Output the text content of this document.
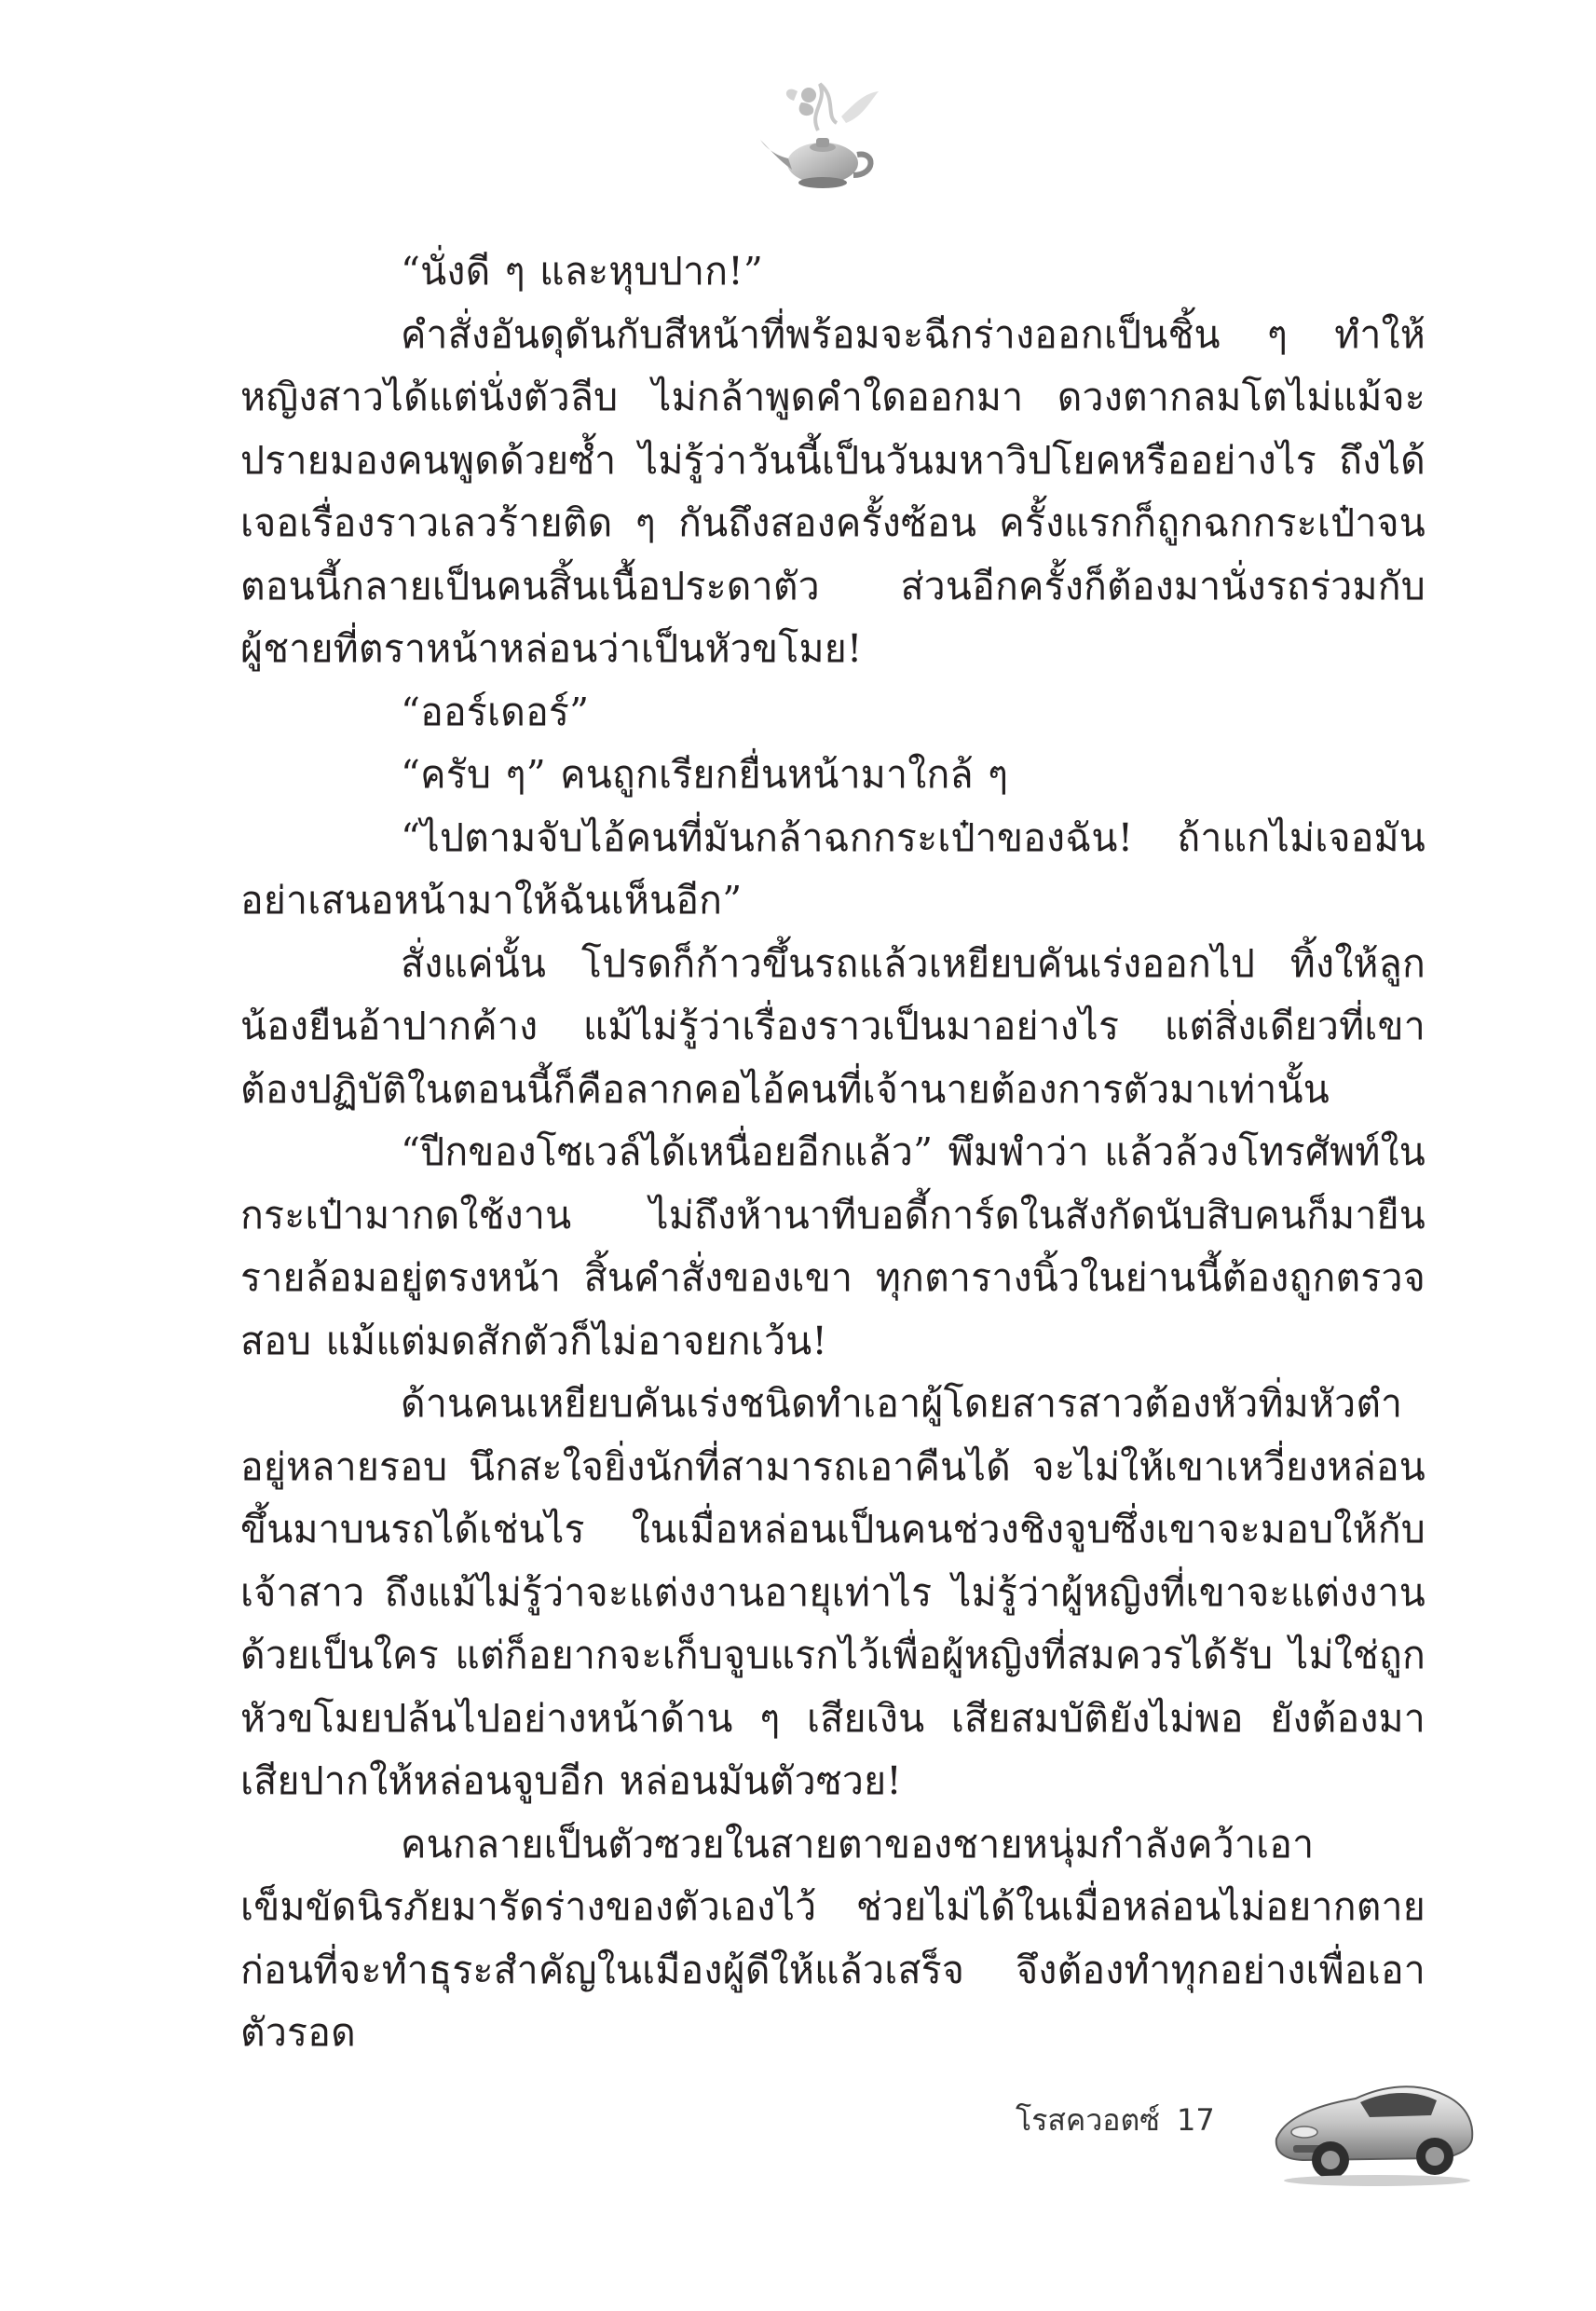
“นั่งดี ๆ และหุบปาก!”

คำสั่งอันดุดันกับสีหน้าที่พร้อมจะฉีกร่างออกเป็นชิ้น ๆ ทำให้หญิงสาวได้แต่นั่งตัวลีบ ไม่กล้าพูดคำใดออกมา ดวงตากลมโตไม่แม้จะปรายมองคนพูดด้วยซ้ำ ไม่รู้ว่าวันนี้เป็นวันมหาวิปโยคหรืออย่างไร ถึงได้เจอเรื่องราวเลวร้ายติด ๆ กันถึงสองครั้งซ้อน ครั้งแรกก็ถูกฉกกระเป๋าจนตอนนี้กลายเป็นคนสิ้นเนื้อประดาตัว ส่วนอีกครั้งก็ต้องมานั่งรถร่วมกับผู้ชายที่ตราหน้าหล่อนว่าเป็นหัวขโมย!

“ออร์เดอร์”

“ครับ ๆ” คนถูกเรียกยื่นหน้ามาใกล้ ๆ

“ไปตามจับไอ้คนที่มันกล้าฉกกระเป๋าของฉัน! ถ้าแกไม่เจอมันอย่าเสนอหน้ามาให้ฉันเห็นอีก”

สั่งแค่นั้น โปรดก็ก้าวขึ้นรถแล้วเหยียบคันเร่งออกไป ทิ้งให้ลูกน้องยืนอ้าปากค้าง แม้ไม่รู้ว่าเรื่องราวเป็นมาอย่างไร แต่สิ่งเดียวที่เขาต้องปฏิบัติในตอนนี้ก็คือลากคอไอ้คนที่เจ้านายต้องการตัวมาเท่านั้น

“ปีกของโซเวล์ได้เหนื่อยอีกแล้ว” พึมพำว่า แล้วล้วงโทรศัพท์ในกระเป๋ามากดใช้งาน ไม่ถึงห้านาทีบอดี้การ์ดในสังกัดนับสิบคนก็มายืนรายล้อมอยู่ตรงหน้า สิ้นคำสั่งของเขา ทุกตารางนิ้วในย่านนี้ต้องถูกตรวจสอบ แม้แต่มดสักตัวก็ไม่อาจยกเว้น!

ด้านคนเหยียบคันเร่งชนิดทำเอาผู้โดยสารสาวต้องหัวทิ่มหัวตำอยู่หลายรอบ นึกสะใจยิ่งนักที่สามารถเอาคืนได้ จะไม่ให้เขาเหวี่ยงหล่อนขึ้นมาบนรถได้เช่นไร ในเมื่อหล่อนเป็นคนช่วงชิงจูบซึ่งเขาจะมอบให้กับเจ้าสาว ถึงแม้ไม่รู้ว่าจะแต่งงานอายุเท่าไร ไม่รู้ว่าผู้หญิงที่เขาจะแต่งงานด้วยเป็นใคร แต่ก็อยากจะเก็บจูบแรกไว้เพื่อผู้หญิงที่สมควรได้รับ ไม่ใช่ถูกหัวขโมยปล้นไปอย่างหน้าด้าน ๆ เสียเงิน เสียสมบัติยังไม่พอ ยังต้องมาเสียปากให้หล่อนจูบอีก หล่อนมันตัวซวย!

คนกลายเป็นตัวซวยในสายตาของชายหนุ่มกำลังคว้าเอาเข็มขัดนิรภัยมารัดร่างของตัวเองไว้ ช่วยไม่ได้ในเมื่อหล่อนไม่อยากตายก่อนที่จะทำธุระสำคัญในเมืองผู้ดีให้แล้วเสร็จ จึงต้องทำทุกอย่างเพื่อเอาตัวรอด

โรสควอตซ์ 17
